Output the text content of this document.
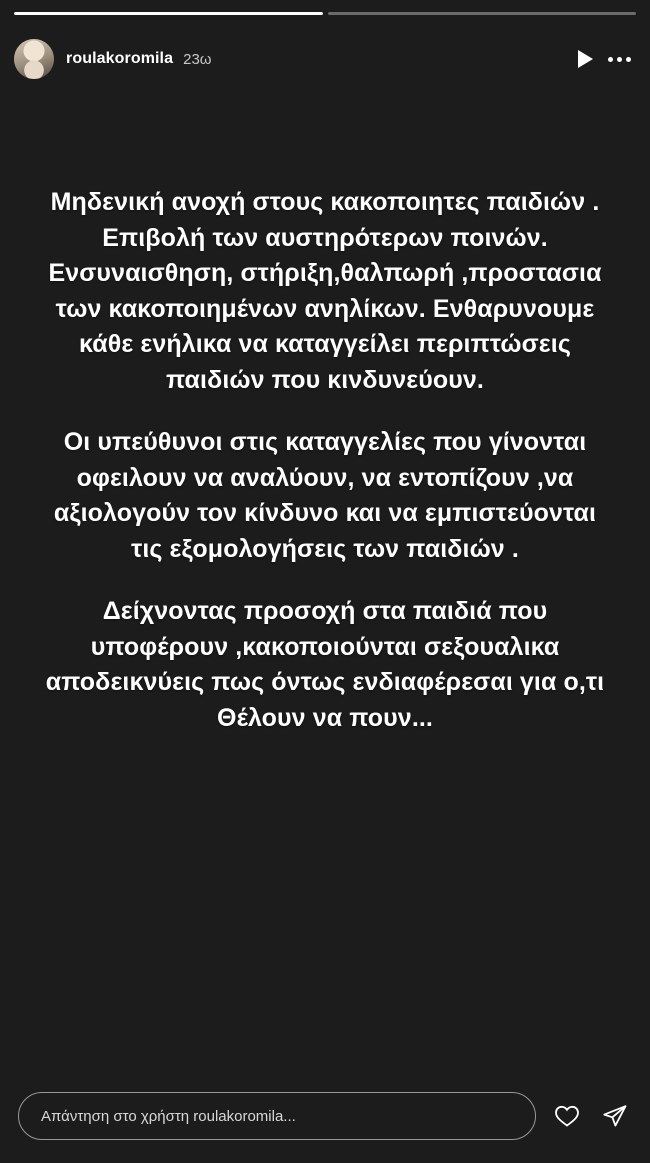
roulakoromila 23ω
Μηδενική ανοχή στους κακοποιητες παιδιών . Επιβολή των αυστηρότερων ποινών. Ενσυναισθηση, στήριξη,θαλπωρή ,προστασια των κακοποιημένων ανηλίκων. Ενθαρυνουμε κάθε ενήλικα να καταγγείλει περιπτώσεις παιδιών που κινδυνεύουν.
Οι υπεύθυνοι στις καταγγελίες που γίνονται οφειλουν να αναλύουν, να εντοπίζουν ,να αξιολογούν τον κίνδυνο και να εμπιστεύονται τις εξομολογήσεις των παιδιών .
Δείχνοντας προσοχή στα παιδιά που υποφέρουν ,κακοποιούνται σεξουαλικα αποδεικνύεις πως όντως ενδιαφέρεσαι για ο,τι Θέλουν να πουν...
Απάντηση στο χρήστη roulakoromila...
